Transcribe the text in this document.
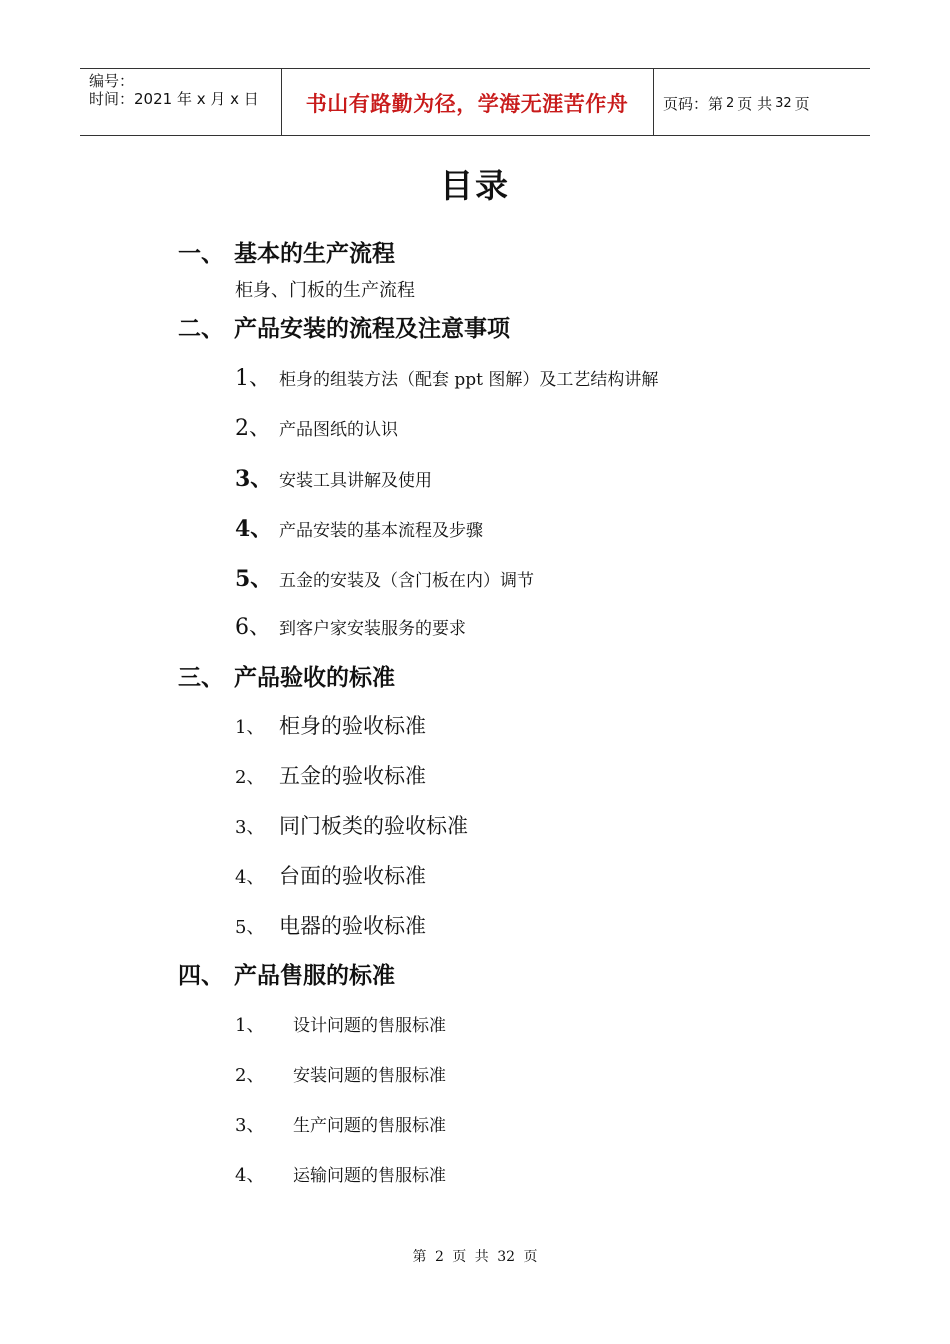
编号：
时间：2021 年 x 月 x 日	书山有路勤为径，学海无涯苦作舟	页码：第 2 页 共 32 页
目录
一、 基本的生产流程
柜身、门板的生产流程
二、 产品安装的流程及注意事项
1、 柜身的组装方法（配套 ppt 图解）及工艺结构讲解
2、 产品图纸的认识
3、 安装工具讲解及使用
4、 产品安装的基本流程及步骤
5、 五金的安装及（含门板在内）调节
6、 到客户家安装服务的要求
三、 产品验收的标准
1、 柜身的验收标准
2、 五金的验收标准
3、 同门板类的验收标准
4、 台面的验收标准
5、 电器的验收标准
四、 产品售服的标准
1、 设计问题的售服标准
2、 安装问题的售服标准
3、 生产问题的售服标准
4、 运输问题的售服标准
第 2 页 共 32 页
